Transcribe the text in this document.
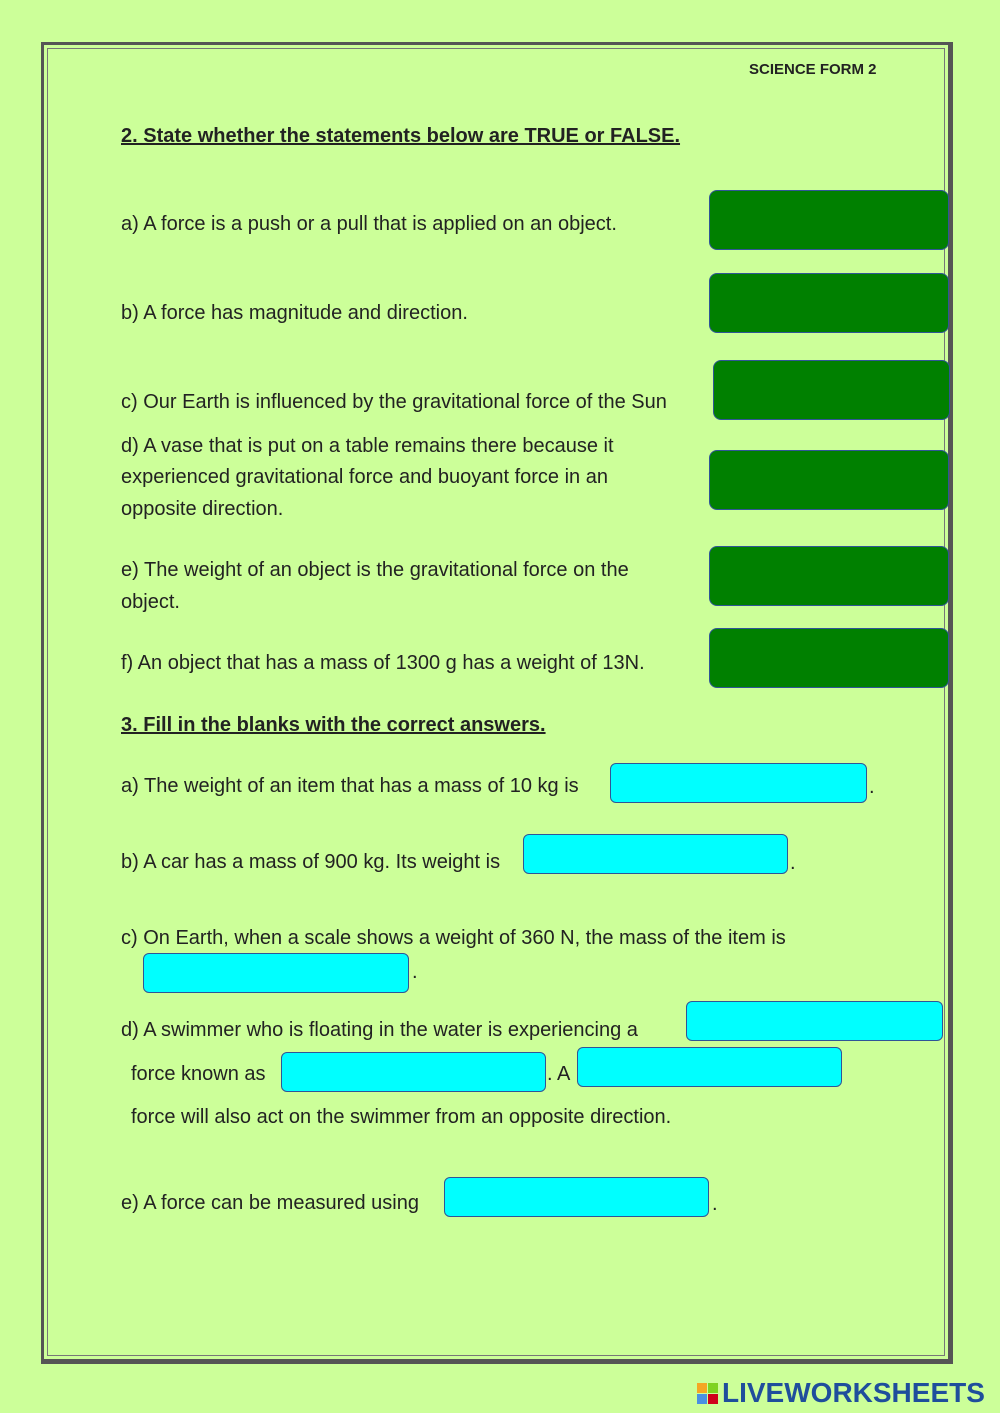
SCIENCE FORM 2
2. State whether the statements below are TRUE or FALSE.
a) A force is a push or a pull that is applied on an object.
b) A force has magnitude and direction.
c) Our Earth is influenced by the gravitational force of the Sun
d) A vase that is put on a table remains there because it
experienced gravitational force and buoyant force in an
opposite direction.
e) The weight of an object is the gravitational force on the
object.
f) An object that has a mass of 1300 g has a weight of 13N.
3. Fill in the blanks with the correct answers.
a) The weight of an item that has a mass of 10 kg is	.
b) A car has a mass of 900 kg. Its weight is	.
c) On Earth, when a scale shows a weight of 360 N, the mass of the item is
.
d) A swimmer who is floating in the water is experiencing a
force known as	. A
force will also act on the swimmer from an opposite direction.
e) A force can be measured using	.
LIVEWORKSHEETS
